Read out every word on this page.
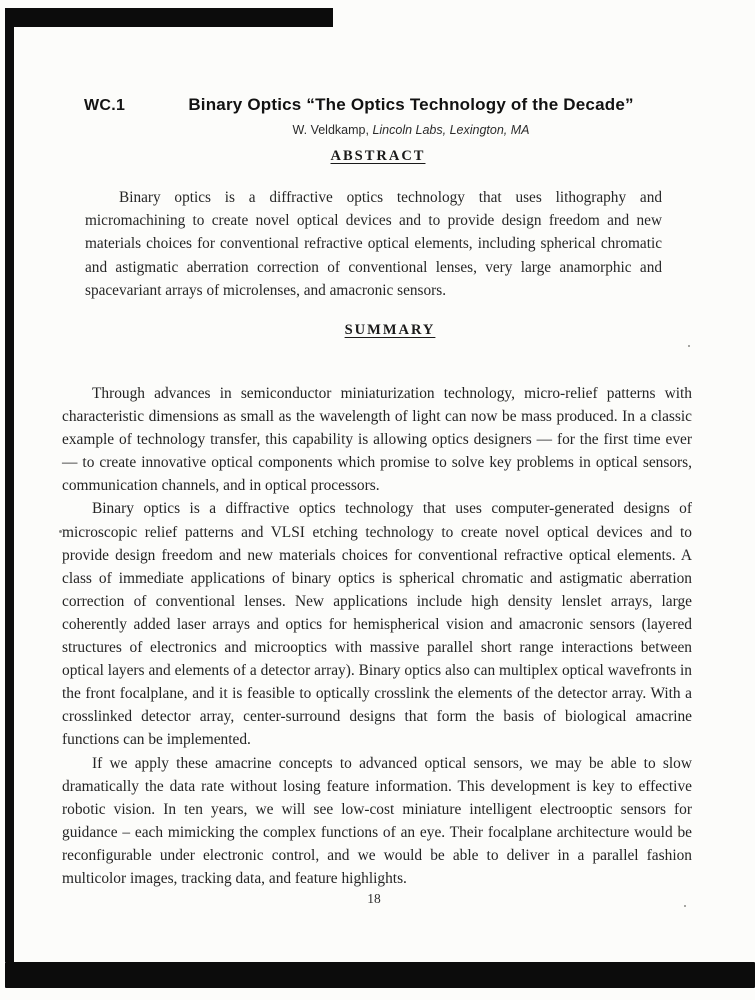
WC.1	Binary Optics “The Optics Technology of the Decade”
W. Veldkamp, Lincoln Labs, Lexington, MA
ABSTRACT

Binary optics is a diffractive optics technology that uses lithography and micromachining to create novel optical devices and to provide design freedom and new materials choices for conventional refractive optical elements, including spherical chromatic and astigmatic aberration correction of conventional lenses, very large anamorphic and spacevariant arrays of microlenses, and amacronic sensors.

SUMMARY

Through advances in semiconductor miniaturization technology, micro-relief patterns with characteristic dimensions as small as the wavelength of light can now be mass produced. In a classic example of technology transfer, this capability is allowing optics designers — for the first time ever — to create innovative optical components which promise to solve key problems in optical sensors, communication channels, and in optical processors.

Binary optics is a diffractive optics technology that uses computer-generated designs of microscopic relief patterns and VLSI etching technology to create novel optical devices and to provide design freedom and new materials choices for conventional refractive optical elements. A class of immediate applications of binary optics is spherical chromatic and astigmatic aberration correction of conventional lenses. New applications include high density lenslet arrays, large coherently added laser arrays and optics for hemispherical vision and amacronic sensors (layered structures of electronics and microoptics with massive parallel short range interactions between optical layers and elements of a detector array). Binary optics also can multiplex optical wavefronts in the front focalplane, and it is feasible to optically crosslink the elements of the detector array. With a crosslinked detector array, center-surround designs that form the basis of biological amacrine functions can be implemented.

If we apply these amacrine concepts to advanced optical sensors, we may be able to slow dramatically the data rate without losing feature information. This development is key to effective robotic vision. In ten years, we will see low-cost miniature intelligent electrooptic sensors for guidance – each mimicking the complex functions of an eye. Their focalplane architecture would be reconfigurable under electronic control, and we would be able to deliver in a parallel fashion multicolor images, tracking data, and feature highlights.

18
